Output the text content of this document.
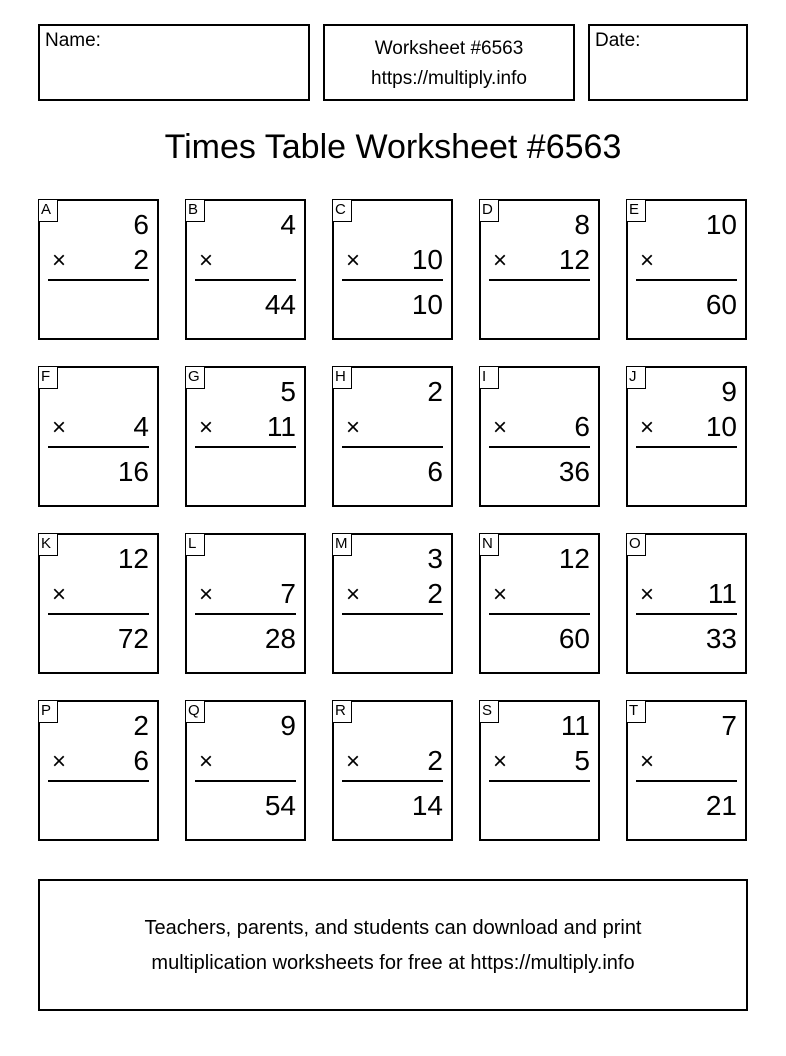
Name:	Worksheet #6563
https://multiply.info
Date:
Times Table Worksheet #6563
A	6
× 2
B	4
×
44
C
× 10
10
D	8
× 12
E 10
×
60
F
× 4
16
G	5
× 11
H	2
×
6
I
× 6
36
J	9
× 10
K 12
×
72
L
× 7
28
M	3
× 2
N 12
×
60
O
× 11
33
P	2
× 6
Q	9
×
54
R
× 2
14
S 11
× 5
T	7
×
21
Teachers, parents, and students can download and print
multiplication worksheets for free at https://multiply.info
